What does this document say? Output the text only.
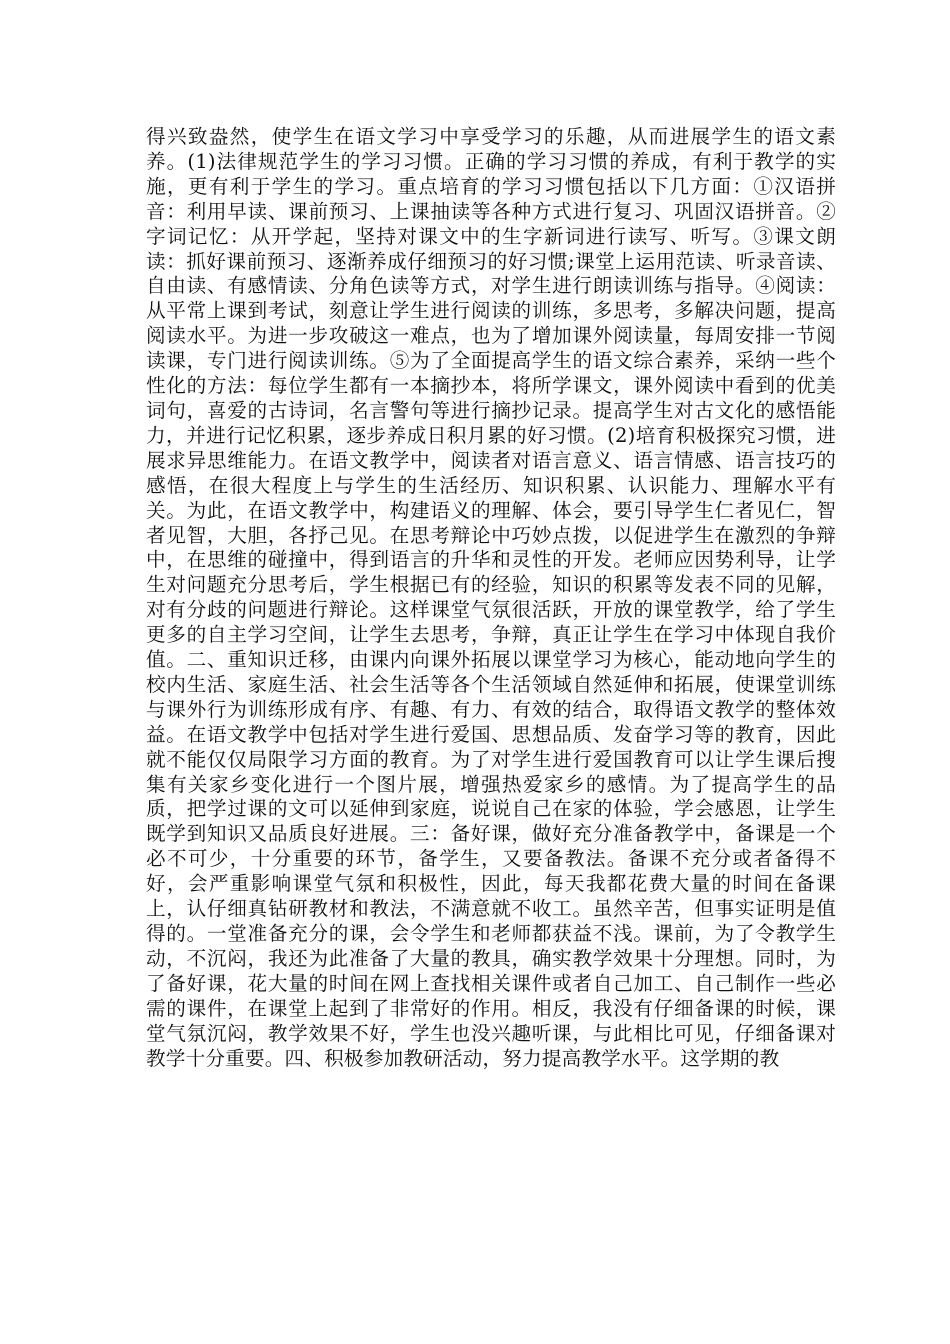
得兴致盎然，使学生在语文学习中享受学习的乐趣，从而进展学生的语文素养。(1)法律规范学生的学习习惯。正确的学习习惯的养成，有利于教学的实施，更有利于学生的学习。重点培育的学习习惯包括以下几方面：①汉语拼音：利用早读、课前预习、上课抽读等各种方式进行复习、巩固汉语拼音。②字词记忆：从开学起，坚持对课文中的生字新词进行读写、听写。③课文朗读：抓好课前预习、逐渐养成仔细预习的好习惯;课堂上运用范读、听录音读、自由读、有感情读、分角色读等方式，对学生进行朗读训练与指导。④阅读：从平常上课到考试，刻意让学生进行阅读的训练，多思考，多解决问题，提高阅读水平。为进一步攻破这一难点，也为了增加课外阅读量，每周安排一节阅读课，专门进行阅读训练。⑤为了全面提高学生的语文综合素养，采纳一些个性化的方法：每位学生都有一本摘抄本，将所学课文，课外阅读中看到的优美词句，喜爱的古诗词，名言警句等进行摘抄记录。提高学生对古文化的感悟能力，并进行记忆积累，逐步养成日积月累的好习惯。(2)培育积极探究习惯，进展求异思维能力。在语文教学中，阅读者对语言意义、语言情感、语言技巧的感悟，在很大程度上与学生的生活经历、知识积累、认识能力、理解水平有关。为此，在语文教学中，构建语义的理解、体会，要引导学生仁者见仁，智者见智，大胆，各抒己见。在思考辩论中巧妙点拨，以促进学生在激烈的争辩中，在思维的碰撞中，得到语言的升华和灵性的开发。老师应因势利导，让学生对问题充分思考后，学生根据已有的经验，知识的积累等发表不同的见解，对有分歧的问题进行辩论。这样课堂气氛很活跃，开放的课堂教学，给了学生更多的自主学习空间，让学生去思考，争辩，真正让学生在学习中体现自我价值。二、重知识迁移，由课内向课外拓展以课堂学习为核心，能动地向学生的校内生活、家庭生活、社会生活等各个生活领域自然延伸和拓展，使课堂训练与课外行为训练形成有序、有趣、有力、有效的结合，取得语文教学的整体效益。在语文教学中包括对学生进行爱国、思想品质、发奋学习等的教育，因此就不能仅仅局限学习方面的教育。为了对学生进行爱国教育可以让学生课后搜集有关家乡变化进行一个图片展，增强热爱家乡的感情。为了提高学生的品质，把学过课的文可以延伸到家庭，说说自己在家的体验，学会感恩，让学生 既学到知识又品质良好进展。三：备好课，做好充分准备教学中，备课是一个必不可少，十分重要的环节，备学生，又要备教法。备课不充分或者备得不好，会严重影响课堂气氛和积极性，因此，每天我都花费大量的时间在备课上，认仔细真钻研教材和教法，不满意就不收工。虽然辛苦，但事实证明是值得的。一堂准备充分的课，会令学生和老师都获益不浅。课前，为了令教学生动，不沉闷，我还为此准备了大量的教具，确实教学效果十分理想。同时，为了备好课，花大量的时间在网上查找相关课件或者自己加工、自己制作一些必需的课件，在课堂上起到了非常好的作用。相反，我没有仔细备课的时候，课堂气氛沉闷，教学效果不好，学生也没兴趣听课，与此相比可见，仔细备课对教学十分重要。四、积极参加教研活动，努力提高教学水平。这学期的教
